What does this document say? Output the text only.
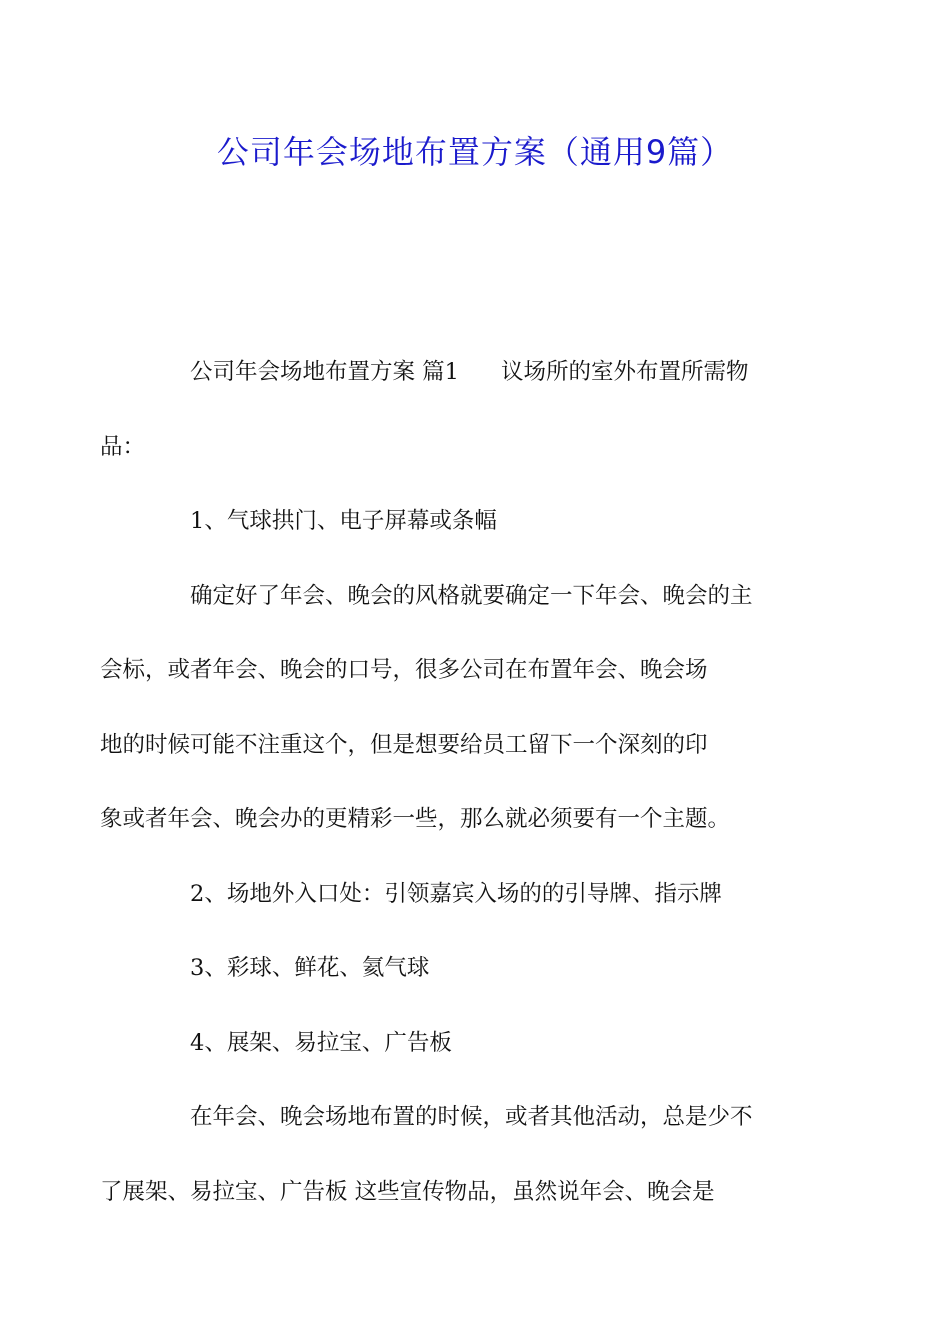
公司年会场地布置方案（通用9篇）

公司年会场地布置方案 篇1 议场所的室外布置所需物
品：

1、气球拱门、电子屏幕或条幅

确定好了年会、晚会的风格就要确定一下年会、晚会的主
会标，或者年会、晚会的口号，很多公司在布置年会、晚会场
地的时候可能不注重这个，但是想要给员工留下一个深刻的印
象或者年会、晚会办的更精彩一些，那么就必须要有一个主题。

2、场地外入口处：引领嘉宾入场的的引导牌、指示牌

3、彩球、鲜花、氦气球

4、展架、易拉宝、广告板

在年会、晚会场地布置的时候，或者其他活动，总是少不
了展架、易拉宝、广告板 这些宣传物品，虽然说年会、晚会是
